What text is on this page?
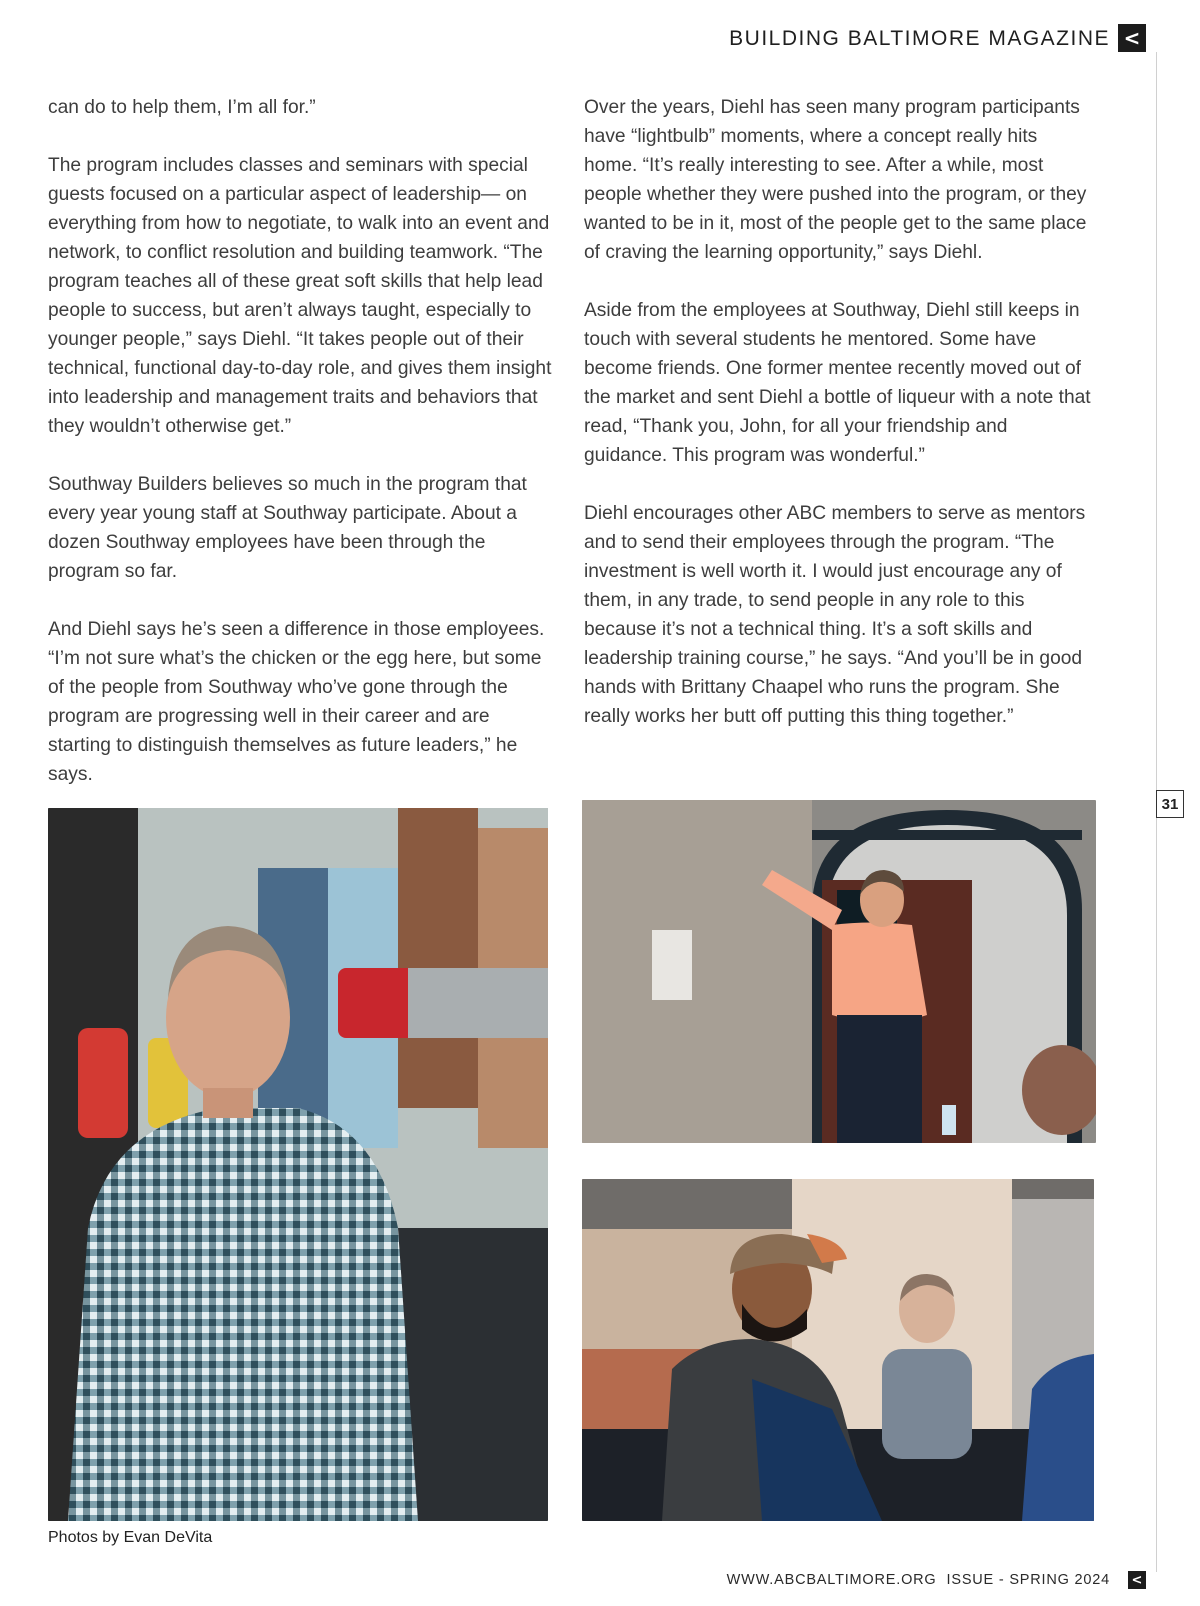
BUILDING BALTIMORE MAGAZINE <
31

can do to help them, I’m all for.”

The program includes classes and seminars with special guests focused on a particular aspect of leadership— on everything from how to negotiate, to walk into an event and network, to conflict resolution and building teamwork. “The program teaches all of these great soft skills that help lead people to success, but aren’t always taught, especially to younger people,” says Diehl. “It takes people out of their technical, functional day-to-day role, and gives them insight into leadership and management traits and behaviors that they wouldn’t otherwise get.”

Southway Builders believes so much in the program that every year young staff at Southway participate. About a dozen Southway employees have been through the program so far.

And Diehl says he’s seen a difference in those employees. “I’m not sure what’s the chicken or the egg here, but some of the people from Southway who’ve gone through the program are progressing well in their career and are starting to distinguish themselves as future leaders,” he says.

Over the years, Diehl has seen many program participants have “lightbulb” moments, where a concept really hits home. “It’s really interesting to see. After a while, most people whether they were pushed into the program, or they wanted to be in it, most of the people get to the same place of craving the learning opportunity,” says Diehl.

Aside from the employees at Southway, Diehl still keeps in touch with several students he mentored. Some have become friends. One former mentee recently moved out of the market and sent Diehl a bottle of liqueur with a note that read, “Thank you, John, for all your friendship and guidance. This program was wonderful.”

Diehl encourages other ABC members to serve as mentors and to send their employees through the program. “The investment is well worth it. I would just encourage any of them, in any trade, to send people in any role to this because it’s not a technical thing. It’s a soft skills and leadership training course,” he says. “And you’ll be in good hands with Brittany Chaapel who runs the program. She really works her butt off putting this thing together.”

Photos by Evan DeVita
WWW.ABCBALTIMORE.ORG ISSUE - SPRING 2024 <
